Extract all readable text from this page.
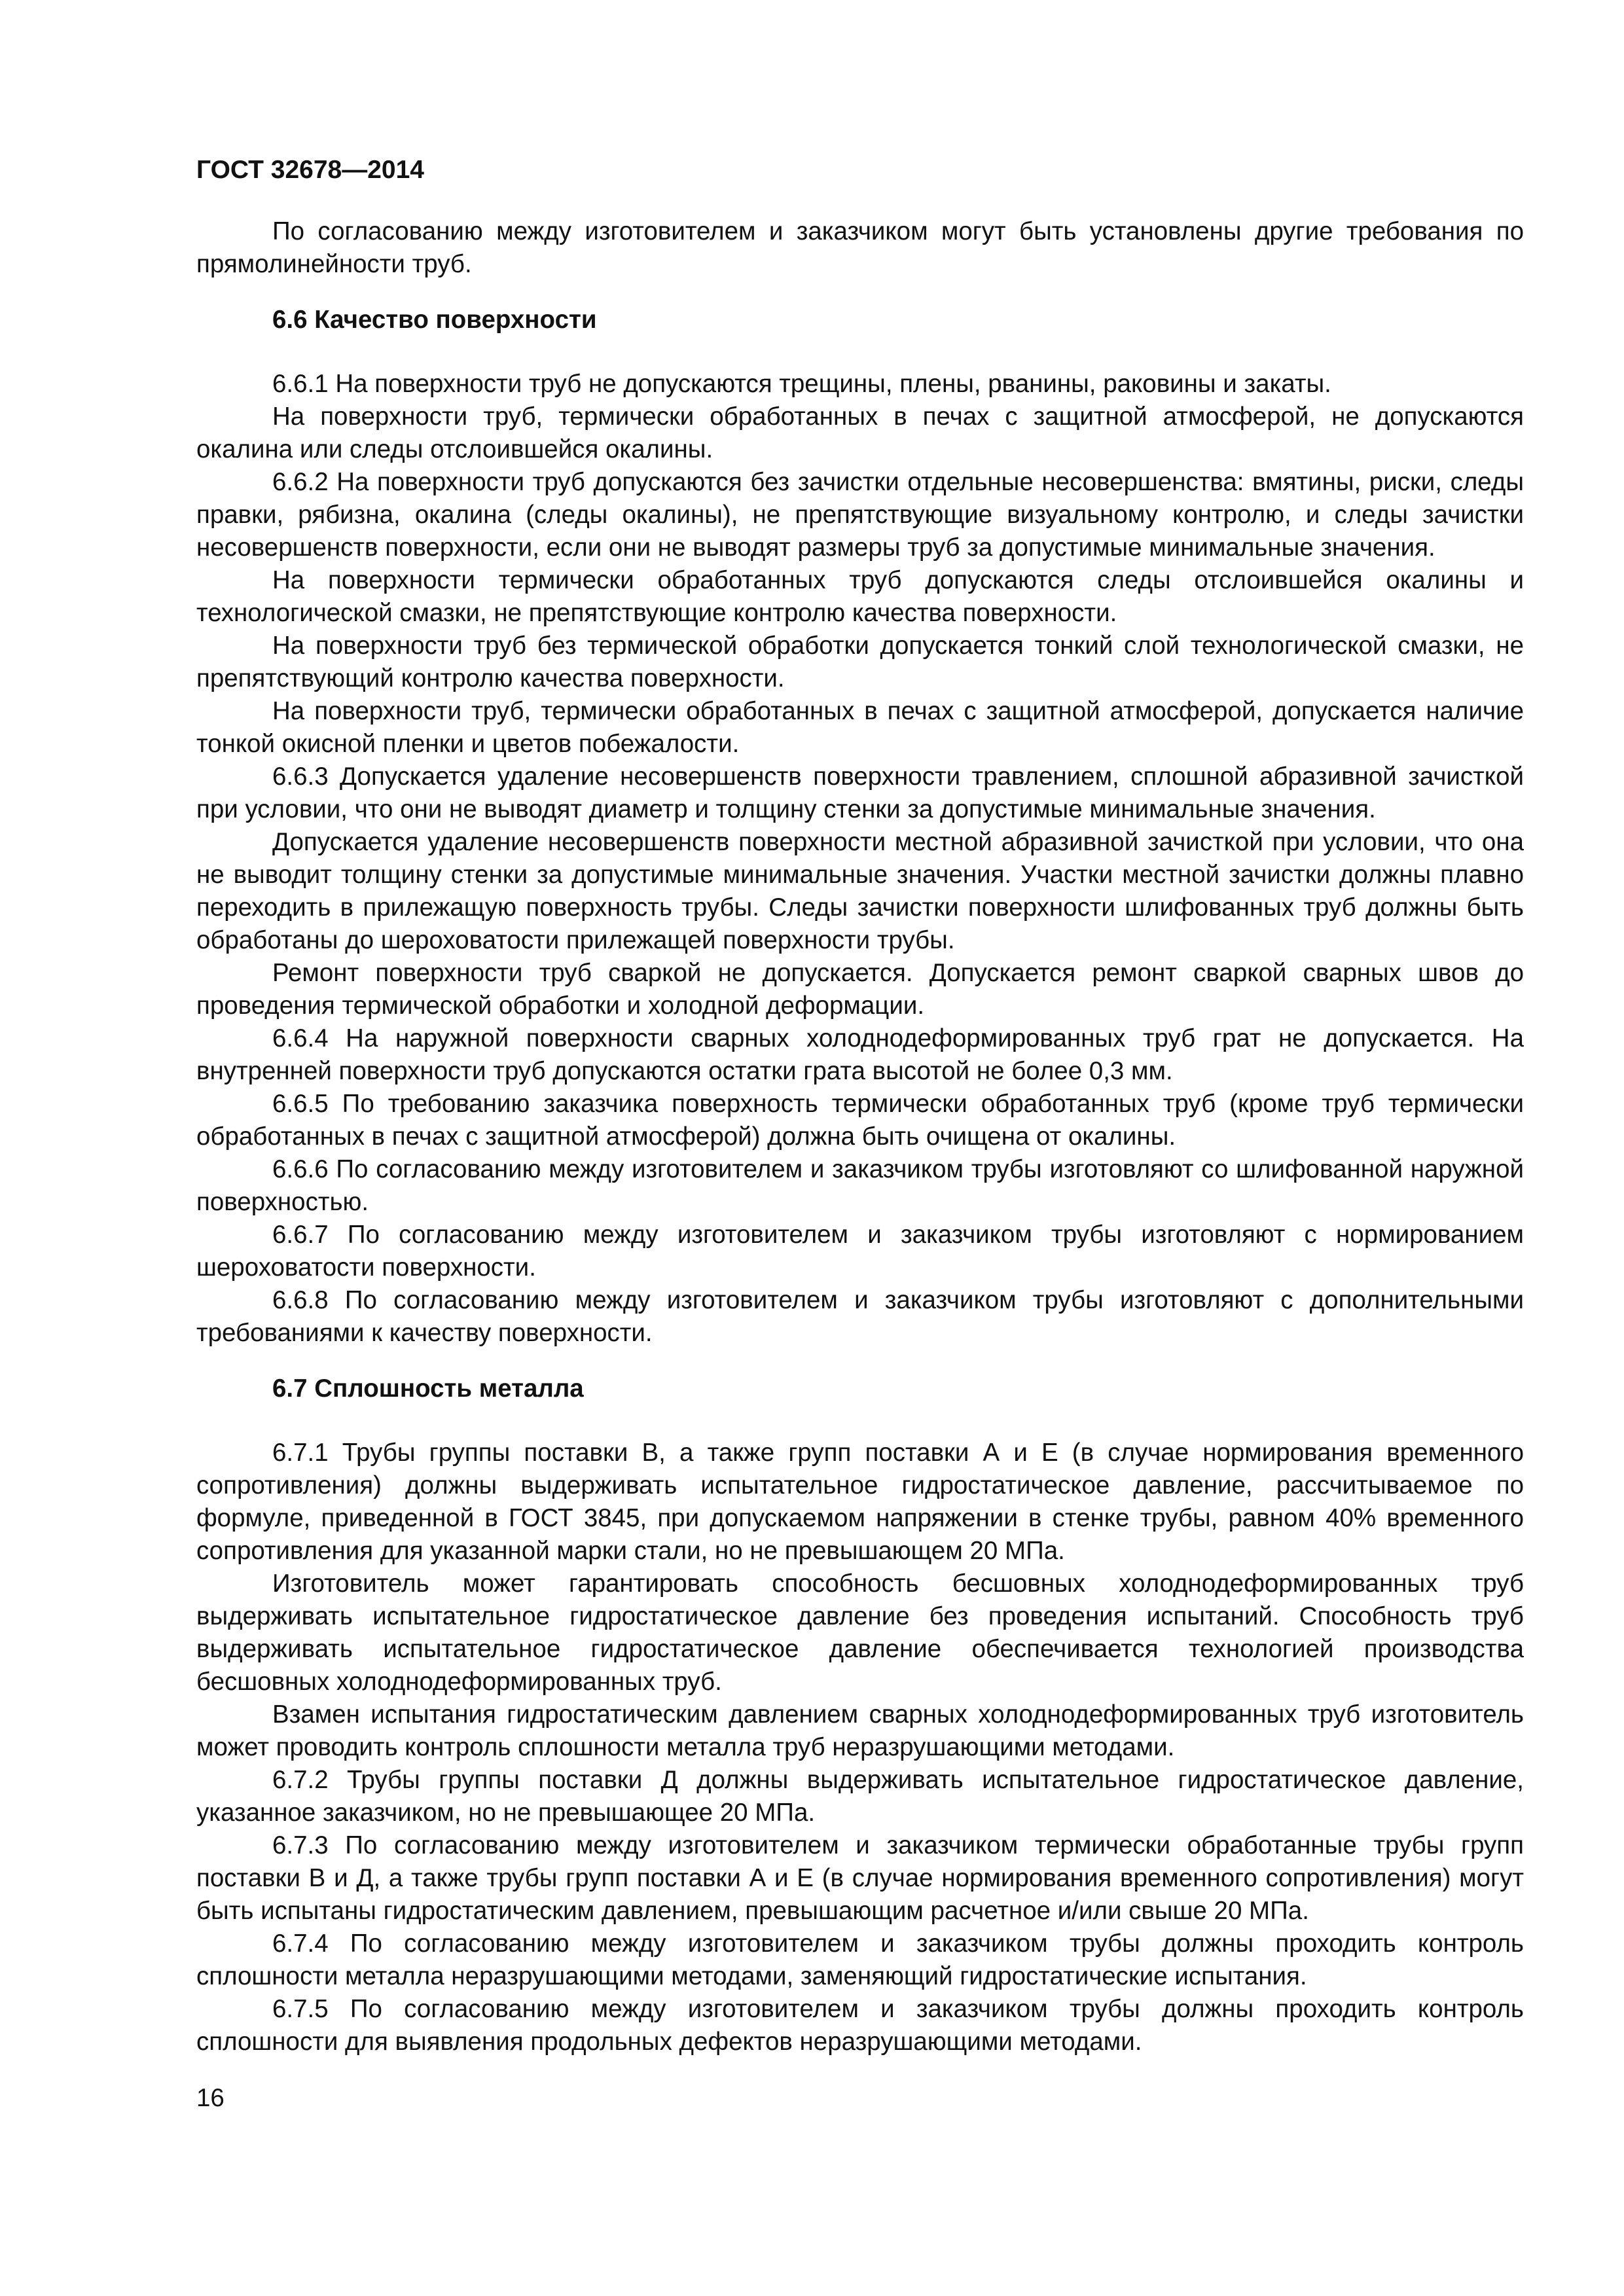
ГОСТ 32678—2014

По согласованию между изготовителем и заказчиком могут быть установлены другие требования по прямолинейности труб.

6.6 Качество поверхности

6.6.1 На поверхности труб не допускаются трещины, плены, рванины, раковины и закаты.

На поверхности труб, термически обработанных в печах с защитной атмосферой, не допускаются окалина или следы отслоившейся окалины.

6.6.2 На поверхности труб допускаются без зачистки отдельные несовершенства: вмятины, риски, следы правки, рябизна, окалина (следы окалины), не препятствующие визуальному контролю, и следы зачистки несовершенств поверхности, если они не выводят размеры труб за допустимые минимальные значения.

На поверхности термически обработанных труб допускаются следы отслоившейся окалины и технологической смазки, не препятствующие контролю качества поверхности.

На поверхности труб без термической обработки допускается тонкий слой технологической смазки, не препятствующий контролю качества поверхности.

На поверхности труб, термически обработанных в печах с защитной атмосферой, допускается наличие тонкой окисной пленки и цветов побежалости.

6.6.3 Допускается удаление несовершенств поверхности травлением, сплошной абразивной зачисткой при условии, что они не выводят диаметр и толщину стенки за допустимые минимальные значения.

Допускается удаление несовершенств поверхности местной абразивной зачисткой при условии, что она не выводит толщину стенки за допустимые минимальные значения. Участки местной зачистки должны плавно переходить в прилежащую поверхность трубы. Следы зачистки поверхности шлифованных труб должны быть обработаны до шероховатости прилежащей поверхности трубы.

Ремонт поверхности труб сваркой не допускается. Допускается ремонт сваркой сварных швов до проведения термической обработки и холодной деформации.

6.6.4 На наружной поверхности сварных холоднодеформированных труб грат не допускается. На внутренней поверхности труб допускаются остатки грата высотой не более 0,3 мм.

6.6.5 По требованию заказчика поверхность термически обработанных труб (кроме труб термически обработанных в печах с защитной атмосферой) должна быть очищена от окалины.

6.6.6 По согласованию между изготовителем и заказчиком трубы изготовляют со шлифованной наружной поверхностью.

6.6.7 По согласованию между изготовителем и заказчиком трубы изготовляют с нормированием шероховатости поверхности.

6.6.8 По согласованию между изготовителем и заказчиком трубы изготовляют с дополнительными требованиями к качеству поверхности.

6.7 Сплошность металла

6.7.1 Трубы группы поставки В, а также групп поставки А и Е (в случае нормирования временного сопротивления) должны выдерживать испытательное гидростатическое давление, рассчитываемое по формуле, приведенной в ГОСТ 3845, при допускаемом напряжении в стенке трубы, равном 40% временного сопротивления для указанной марки стали, но не превышающем 20 МПа.

Изготовитель может гарантировать способность бесшовных холоднодеформированных труб выдерживать испытательное гидростатическое давление без проведения испытаний. Способность труб выдерживать испытательное гидростатическое давление обеспечивается технологией производства бесшовных холоднодеформированных труб.

Взамен испытания гидростатическим давлением сварных холоднодеформированных труб изготовитель может проводить контроль сплошности металла труб неразрушающими методами.

6.7.2 Трубы группы поставки Д должны выдерживать испытательное гидростатическое давление, указанное заказчиком, но не превышающее 20 МПа.

6.7.3 По согласованию между изготовителем и заказчиком термически обработанные трубы групп поставки В и Д, а также трубы групп поставки А и Е (в случае нормирования временного сопротивления) могут быть испытаны гидростатическим давлением, превышающим расчетное и/или свыше 20 МПа.

6.7.4 По согласованию между изготовителем и заказчиком трубы должны проходить контроль сплошности металла неразрушающими методами, заменяющий гидростатические испытания.

6.7.5 По согласованию между изготовителем и заказчиком трубы должны проходить контроль сплошности для выявления продольных дефектов неразрушающими методами.

16
